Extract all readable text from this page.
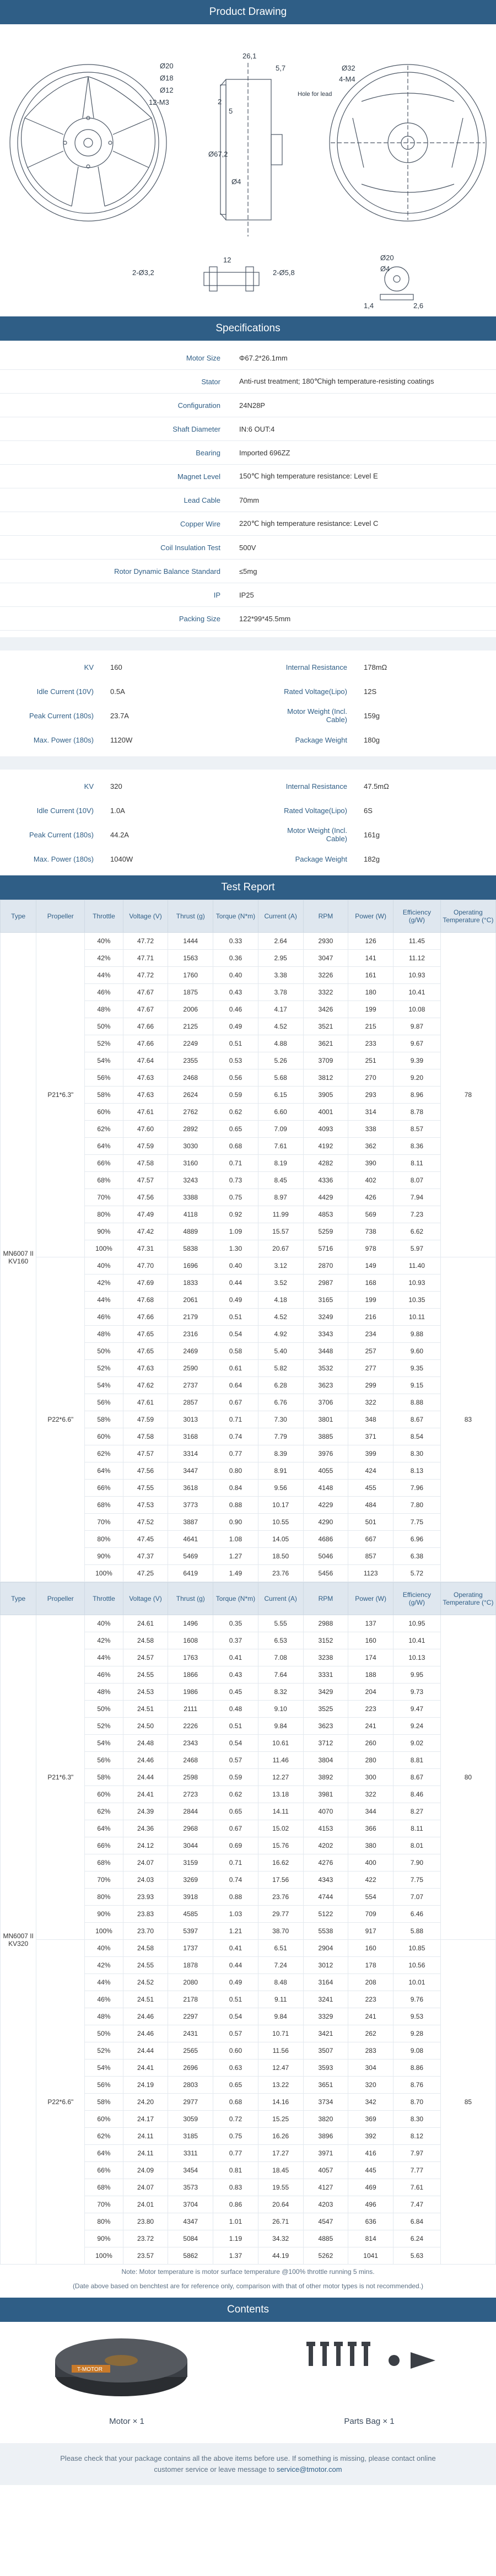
Product Drawing
Ø20
Ø18
Ø12
12-M3
26,1
5,7	Ø32
4-M4
Hole for lead
2
5
Ø67,2
Ø4
2-Ø3,2
12
2-Ø5,8
Ø20
Ø4
1,4	2,6
Specifications
Motor Size	Φ67.2*26.1mm
Stator	Anti-rust treatment; 180℃high temperature-resisting coatings
Configuration	24N28P
Shaft Diameter	IN:6 OUT:4
Bearing	Imported 696ZZ
Magnet Level	150℃ high temperature resistance: Level E
Lead Cable	70mm
Copper Wire	220℃ high temperature resistance: Level C
Coil Insulation Test	500V
Rotor Dynamic Balance Standard	≤5mg
IP	IP25
Packing Size	122*99*45.5mm
KV	160	Internal Resistance	178mΩ
Idle Current (10V)	0.5A	Rated Voltage(Lipo)	12S
Peak Current (180s)	23.7A	Motor Weight (Incl. Cable)	159g
Max. Power (180s)	1120W	Package Weight	180g
KV	320	Internal Resistance	47.5mΩ
Idle Current (10V)	1.0A	Rated Voltage(Lipo)	6S
Peak Current (180s)	44.2A	Motor Weight (Incl. Cable)	161g
Max. Power (180s)	1040W	Package Weight	182g
Test Report
Type	Propeller	Throttle	Voltage (V)	Thrust (g)	Torque (N*m)	Current (A)	RPM	Power (W)	Efficiency (g/W)	Operating Temperature (°C)
MN6007 II KV160	P21*6.3"	40%	47.72	1444	0.33	2.64	2930	126	11.45	78
		42%	47.71	1563	0.36	2.95	3047	141	11.12	
		44%	47.72	1760	0.40	3.38	3226	161	10.93	
		46%	47.67	1875	0.43	3.78	3322	180	10.41	
		48%	47.67	2006	0.46	4.17	3426	199	10.08	
		50%	47.66	2125	0.49	4.52	3521	215	9.87	
		52%	47.66	2249	0.51	4.88	3621	233	9.67	
		54%	47.64	2355	0.53	5.26	3709	251	9.39	
		56%	47.63	2468	0.56	5.68	3812	270	9.20	
		58%	47.63	2624	0.59	6.15	3905	293	8.96	
		60%	47.61	2762	0.62	6.60	4001	314	8.78	
		62%	47.60	2892	0.65	7.09	4093	338	8.57	
		64%	47.59	3030	0.68	7.61	4192	362	8.36	
		66%	47.58	3160	0.71	8.19	4282	390	8.11	
		68%	47.57	3243	0.73	8.45	4336	402	8.07	
		70%	47.56	3388	0.75	8.97	4429	426	7.94	
		80%	47.49	4118	0.92	11.99	4853	569	7.23	
		90%	47.42	4889	1.09	15.57	5259	738	6.62	
		100%	47.31	5838	1.30	20.67	5716	978	5.97	
	P22*6.6"	40%	47.70	1696	0.40	3.12	2870	149	11.40	83
		42%	47.69	1833	0.44	3.52	2987	168	10.93	
		44%	47.68	2061	0.49	4.18	3165	199	10.35	
		46%	47.66	2179	0.51	4.52	3249	216	10.11	
		48%	47.65	2316	0.54	4.92	3343	234	9.88	
		50%	47.65	2469	0.58	5.40	3448	257	9.60	
		52%	47.63	2590	0.61	5.82	3532	277	9.35	
		54%	47.62	2737	0.64	6.28	3623	299	9.15	
		56%	47.61	2857	0.67	6.76	3706	322	8.88	
		58%	47.59	3013	0.71	7.30	3801	348	8.67	
		60%	47.58	3168	0.74	7.79	3885	371	8.54	
		62%	47.57	3314	0.77	8.39	3976	399	8.30	
		64%	47.56	3447	0.80	8.91	4055	424	8.13	
		66%	47.55	3618	0.84	9.56	4148	455	7.96	
		68%	47.53	3773	0.88	10.17	4229	484	7.80	
		70%	47.52	3887	0.90	10.55	4290	501	7.75	
		80%	47.45	4641	1.08	14.05	4686	667	6.96	
		90%	47.37	5469	1.27	18.50	5046	857	6.38	
		100%	47.25	6419	1.49	23.76	5456	1123	5.72	
Type	Propeller	Throttle	Voltage (V)	Thrust (g)	Torque (N*m)	Current (A)	RPM	Power (W)	Efficiency (g/W)	Operating Temperature (°C)
MN6007 II KV320	P21*6.3"	40%	24.61	1496	0.35	5.55	2988	137	10.95	80
		42%	24.58	1608	0.37	6.53	3152	160	10.41	
		44%	24.57	1763	0.41	7.08	3238	174	10.13	
		46%	24.55	1866	0.43	7.64	3331	188	9.95	
		48%	24.53	1986	0.45	8.32	3429	204	9.73	
		50%	24.51	2111	0.48	9.10	3525	223	9.47	
		52%	24.50	2226	0.51	9.84	3623	241	9.24	
		54%	24.48	2343	0.54	10.61	3712	260	9.02	
		56%	24.46	2468	0.57	11.46	3804	280	8.81	
		58%	24.44	2598	0.59	12.27	3892	300	8.67	
		60%	24.41	2723	0.62	13.18	3981	322	8.46	
		62%	24.39	2844	0.65	14.11	4070	344	8.27	
		64%	24.36	2968	0.67	15.02	4153	366	8.11	
		66%	24.12	3044	0.69	15.76	4202	380	8.01	
		68%	24.07	3159	0.71	16.62	4276	400	7.90	
		70%	24.03	3269	0.74	17.56	4343	422	7.75	
		80%	23.93	3918	0.88	23.76	4744	554	7.07	
		90%	23.83	4585	1.03	29.77	5122	709	6.46	
		100%	23.70	5397	1.21	38.70	5538	917	5.88	
	P22*6.6"	40%	24.58	1737	0.41	6.51	2904	160	10.85	85
		42%	24.55	1878	0.44	7.24	3012	178	10.56	
		44%	24.52	2080	0.49	8.48	3164	208	10.01	
		46%	24.51	2178	0.51	9.11	3241	223	9.76	
		48%	24.46	2297	0.54	9.84	3329	241	9.53	
		50%	24.46	2431	0.57	10.71	3421	262	9.28	
		52%	24.44	2565	0.60	11.56	3507	283	9.08	
		54%	24.41	2696	0.63	12.47	3593	304	8.86	
		56%	24.19	2803	0.65	13.22	3651	320	8.76	
		58%	24.20	2977	0.68	14.16	3734	342	8.70	
		60%	24.17	3059	0.72	15.25	3820	369	8.30	
		62%	24.11	3185	0.75	16.26	3896	392	8.12	
		64%	24.11	3311	0.77	17.27	3971	416	7.97	
		66%	24.09	3454	0.81	18.45	4057	445	7.77	
		68%	24.07	3573	0.83	19.55	4127	469	7.61	
		70%	24.01	3704	0.86	20.64	4203	496	7.47	
		80%	23.80	4347	1.01	26.71	4547	636	6.84	
		90%	23.72	5084	1.19	34.32	4885	814	6.24	
		100%	23.57	5862	1.37	44.19	5262	1041	5.63	
Note: Motor temperature is motor surface temperature @100% throttle running 5 mins.
(Date above based on benchtest are for reference only, comparison with that of other motor types is not recommended.)
Contents
T-MOTOR
Motor × 1	Parts Bag × 1
Please check that your package contains all the above items before use. If something is missing, please contact online
customer service or leave message to service@tmotor.com
